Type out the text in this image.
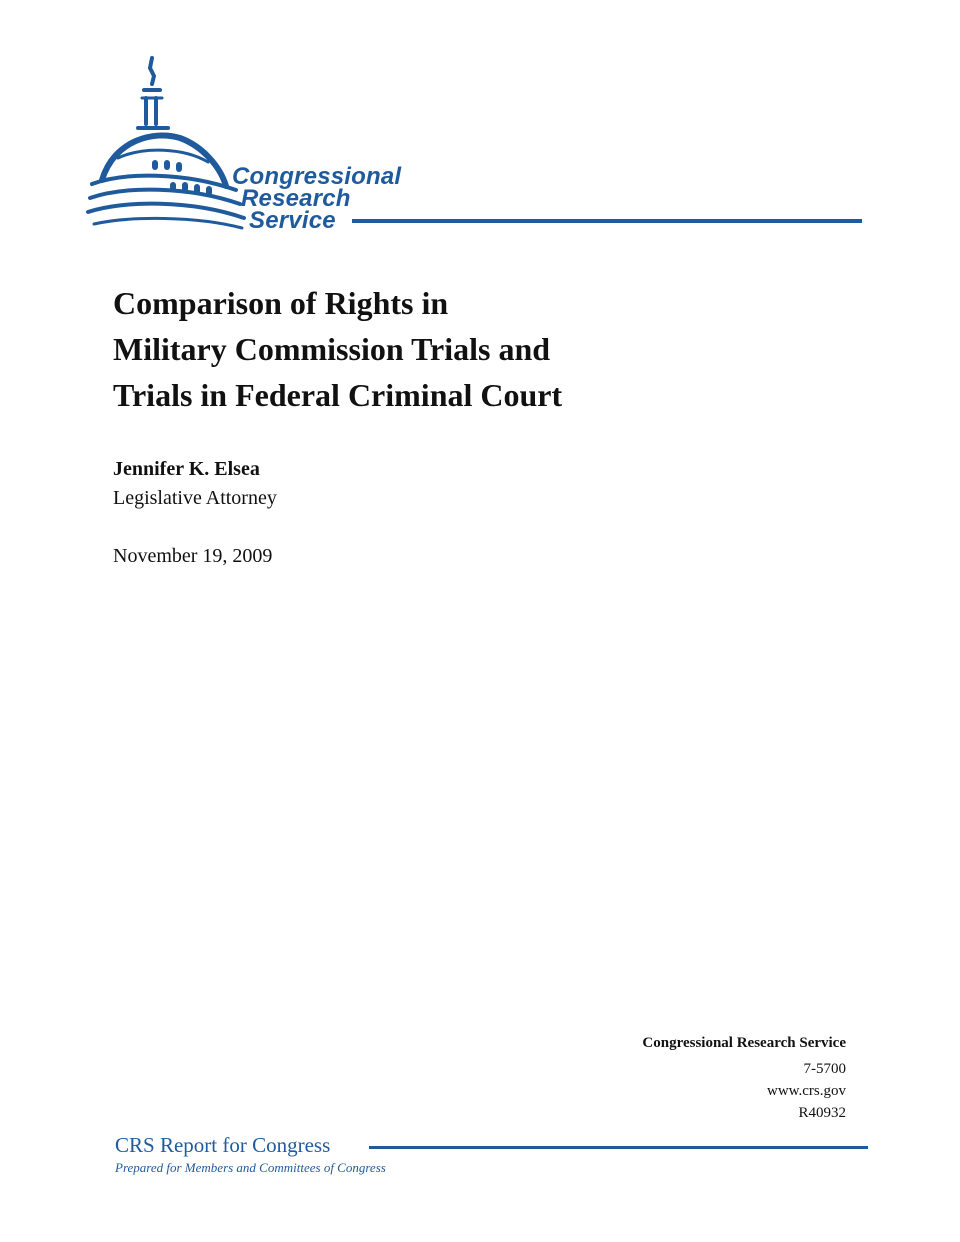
Congressional
Research
Service
Comparison of Rights in
Military Commission Trials and
Trials in Federal Criminal Court
Jennifer K. Elsea
Legislative Attorney
November 19, 2009
Congressional Research Service
7-5700
www.crs.gov
R40932
CRS Report for Congress
Prepared for Members and Committees of Congress
